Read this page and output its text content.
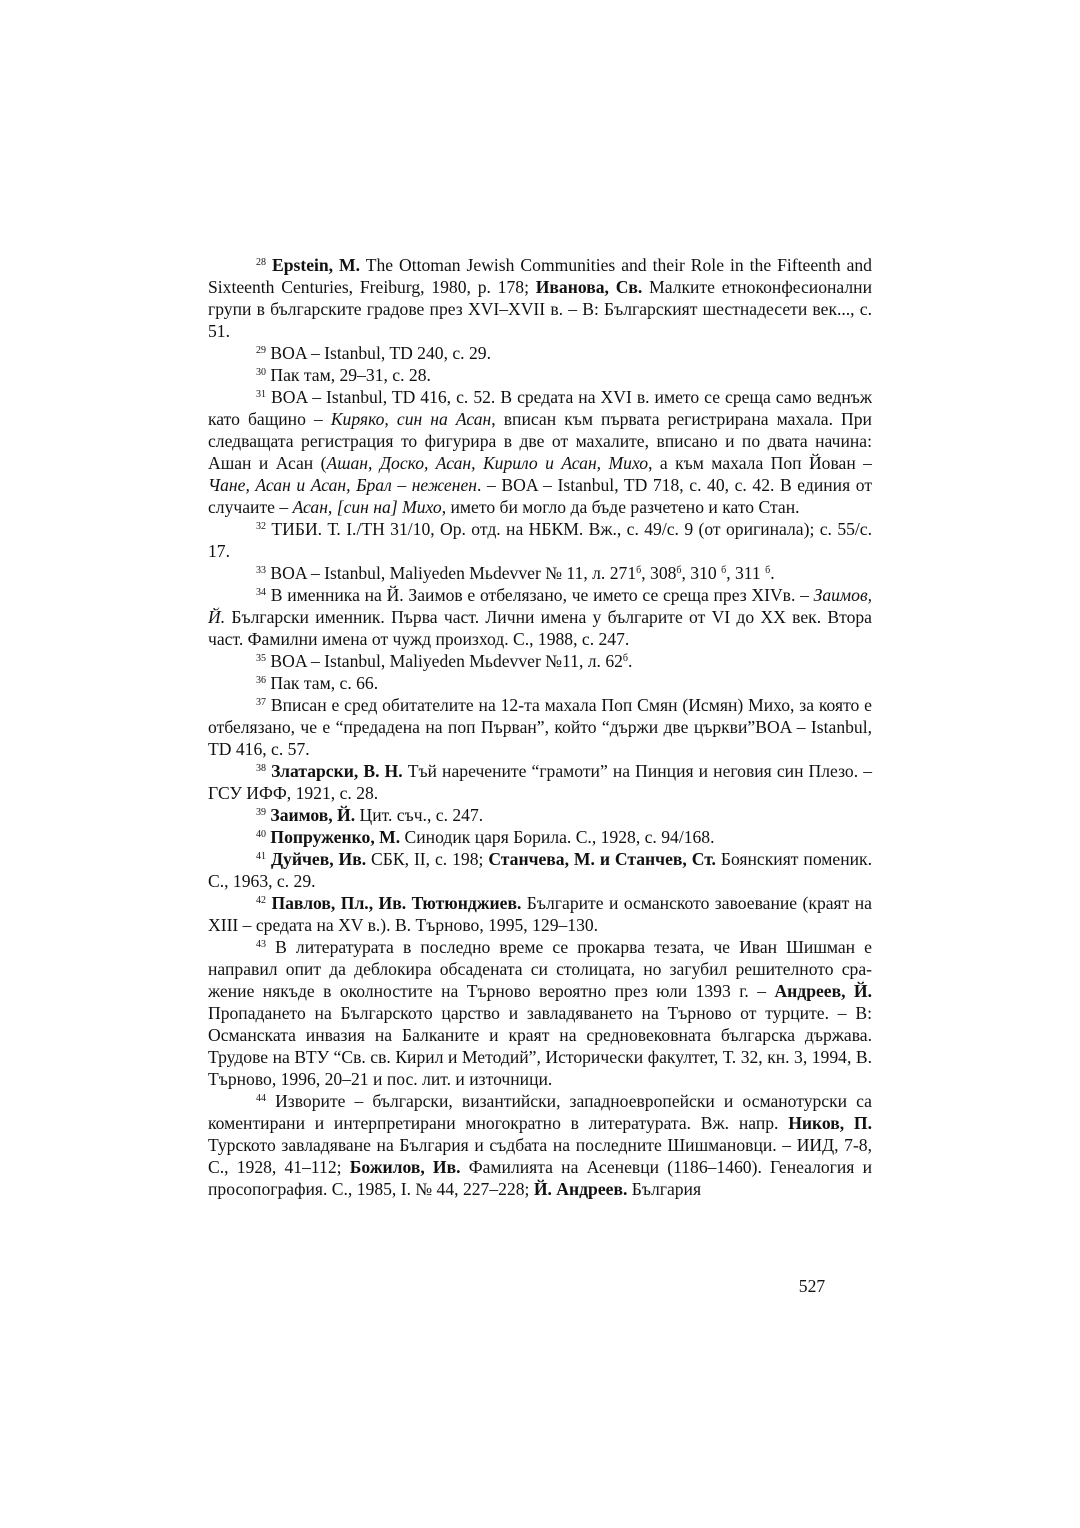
$^{28}$ Epstein, M. The Ottoman Jewish Communities and their Role in the Fifteenth and Sixteenth Centuries, Freiburg, 1980, p. 178; Иванова, Св. Малките етноконфесионални групи в българските градове през XVI–XVII в. – В: Българският шестнадесети век..., с. 51.

$^{29}$ BOA – Istanbul, TD 240, c. 29.

$^{30}$ Пак там, 29–31, с. 28.

$^{31}$ BOA – Istanbul, TD 416, c. 52. В средата на XVI в. името се среща само веднъж като бащино – Киряко, син на Асан, вписан към първата регистрирана махала. При следващата регистрация то фигурира в две от махалите, вписано и по двата начина: Ашан и Асан (Ашан, Доско, Асан, Кирило и Асан, Михо, а към махала Поп Йован – Чане, Асан и Асан, Брал – неженен. – BOA – Istanbul, TD 718, c. 40, c. 42. В единия от случаите – Асан, [син на] Михо, името би могло да бъде разчетено и като Стан.

$^{32}$ ТИБИ. Т. I./ТН 31/10, Ор. отд. на НБКМ. Вж., с. 49/с. 9 (от оригинала); с. 55/с. 17.

$^{33}$ BOA – Istanbul, Maliyeden Mьdevver № 11, л. $271^б$, $308^б$, 310 $^б$, 311 $^б$.

$^{34}$ В именника на Й. Заимов е отбелязано, че името се среща през XIVв. – Заимов, Й. Български именник. Първа част. Лични имена у българите от VI до XX век. Втора част. Фамилни имена от чужд произход. С., 1988, с. 247.

$^{35}$ BOA – Istanbul, Maliyeden Mьdevver №11, л. $62^б$.

$^{36}$ Пак там, с. 66.

$^{37}$ Вписан е сред обитателите на 12-та махала Поп Смян (Исмян) Михо, за която е отбелязано, че е “предадена на поп Първан”, който “държи две църкви”BOA – Istanbul, TD 416, c. 57.

$^{38}$ Златарски, В. Н. Тъй наречените “грамоти” на Пинция и неговия син Плезо. – ГСУ ИФФ, 1921, с. 28.

$^{39}$ Заимов, Й. Цит. съч., с. 247.

$^{40}$ Попруженко, М. Синодик царя Борила. С., 1928, с. 94/168.

$^{41}$ Дуйчев, Ив. СБК, II, с. 198; Станчева, М. и Станчев, Ст. Боянският поменик. С., 1963, с. 29.

$^{42}$ Павлов, Пл., Ив. Тютюнджиев. Българите и османското завоевание (краят на XIII – средата на XV в.). В. Търново, 1995, 129–130.

$^{43}$ В литературата в последно време се прокарва тезата, че Иван Шишман е направил опит да деблокира обсадената си столицата, но загубил решителното сражение някъде в околностите на Търново вероятно през юли 1393 г. – Андреев, Й. Пропадането на Българското царство и завладяването на Търново от турците. – В: Османската инвазия на Балканите и краят на средновековната българска държава. Трудове на ВТУ “Св. св. Кирил и Методий”, Исторически факултет, Т. 32, кн. 3, 1994, В. Търново, 1996, 20–21 и пос. лит. и източници.

$^{44}$ Изворите – български, византийски, западноевропейски и османотурски са коментирани и интерпретирани многократно в литературата. Вж. напр. Ников, П. Турското завладяване на България и съдбата на последните Шишмановци. – ИИД, 7-8, С., 1928, 41–112; Божилов, Ив. Фамилията на Асеневци (1186–1460). Генеалогия и просопография. С., 1985, I. № 44, 227–228; Й. Андреев. България

527
